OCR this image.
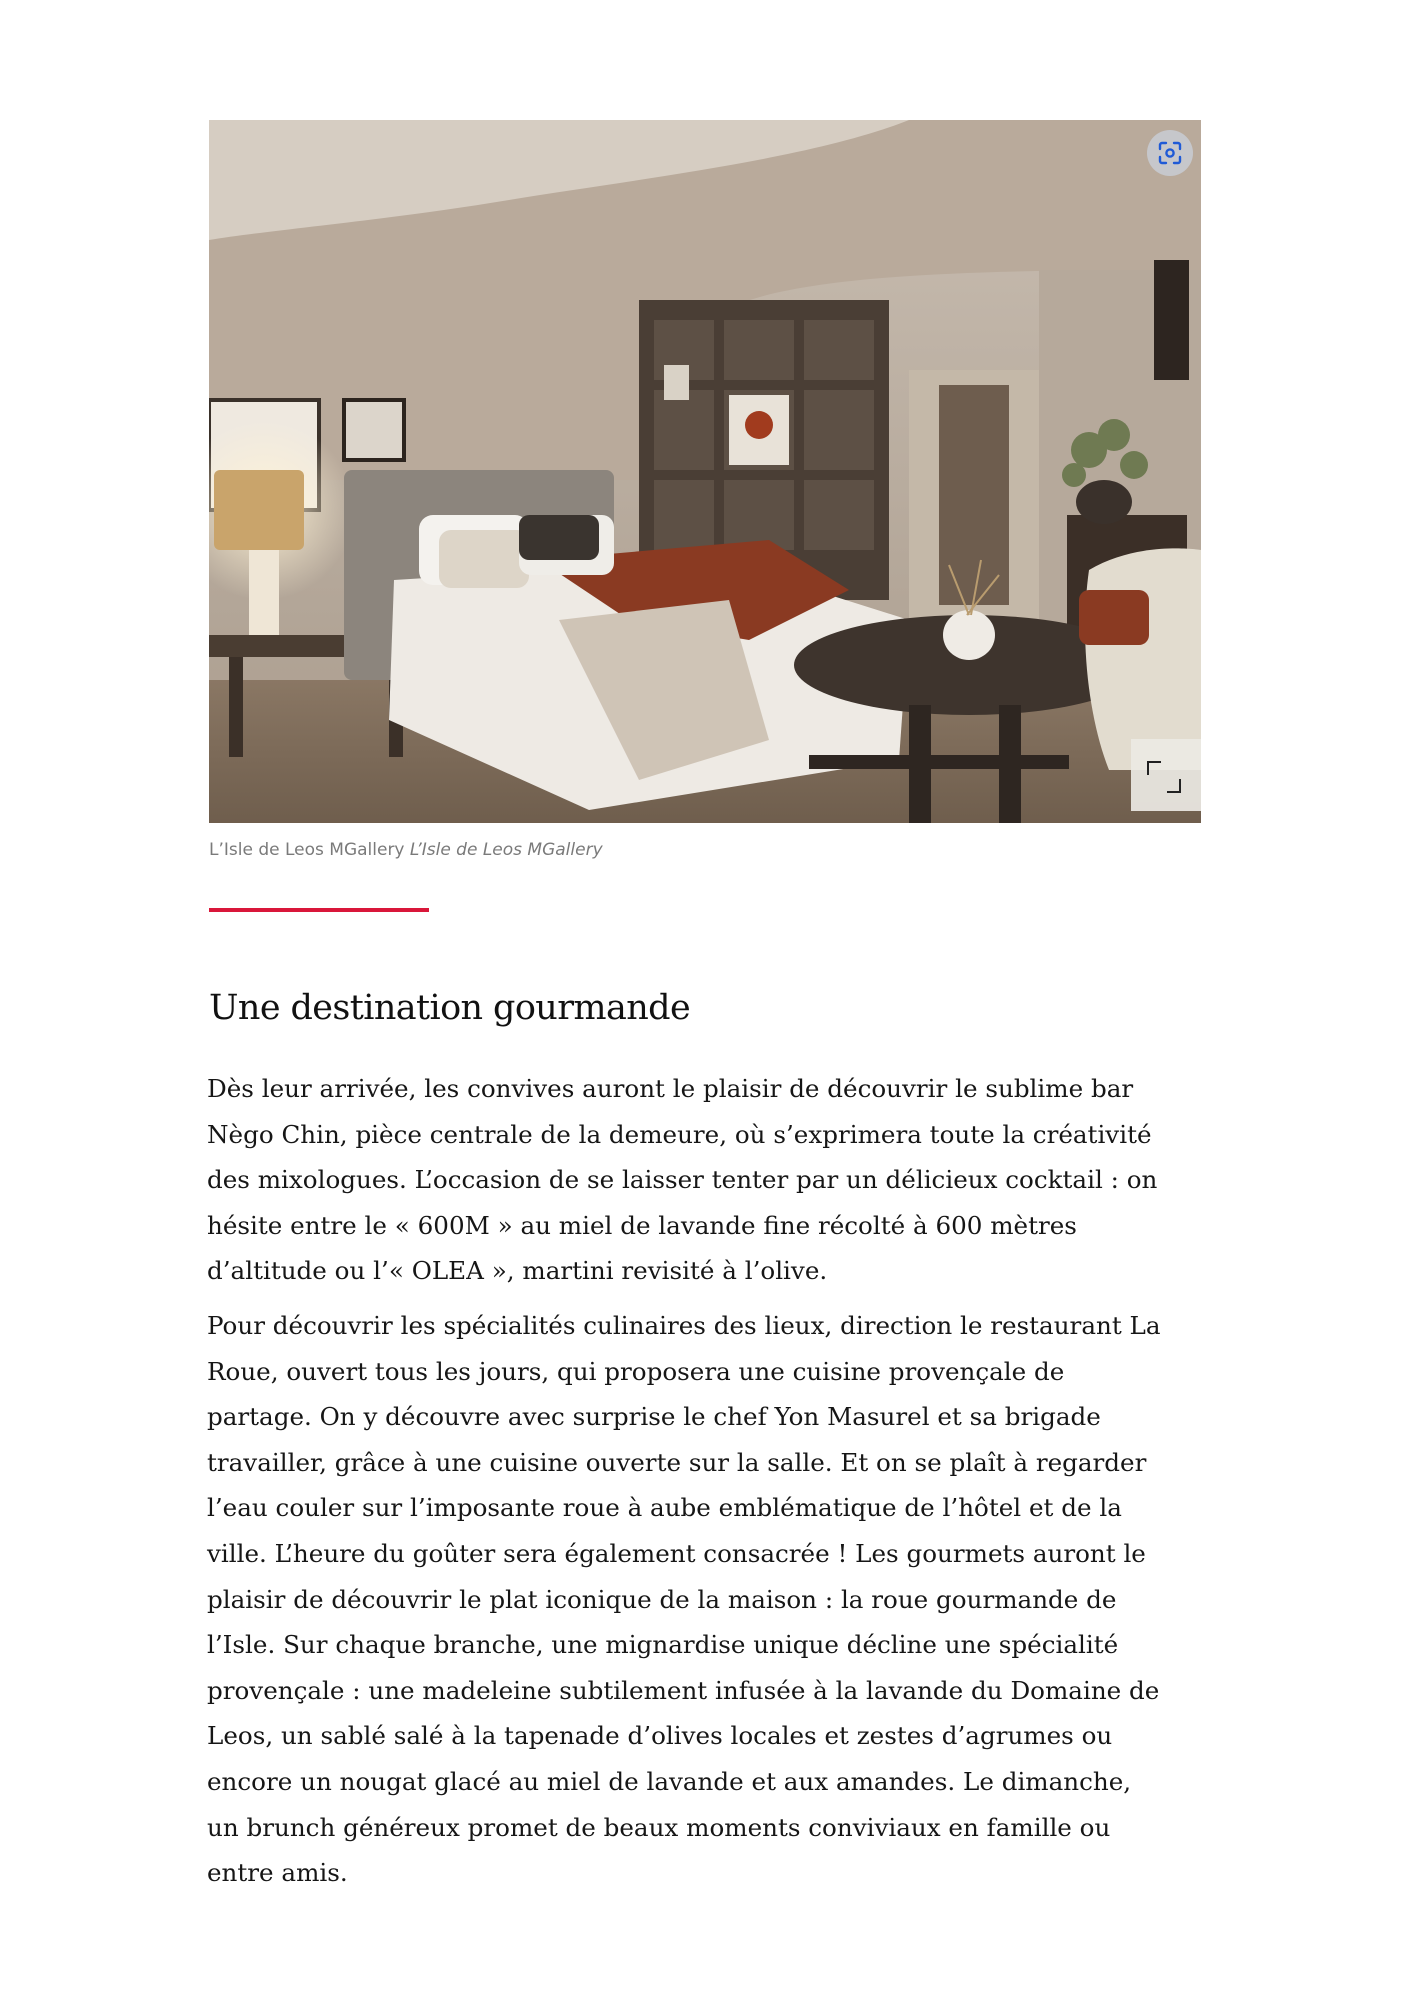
L’Isle de Leos MGallery L’Isle de Leos MGallery
Une destination gourmande

Dès leur arrivée, les convives auront le plaisir de découvrir le sublime bar
Nègo Chin, pièce centrale de la demeure, où s’exprimera toute la créativité
des mixologues. L’occasion de se laisser tenter par un délicieux cocktail : on
hésite entre le « 600M » au miel de lavande fine récolté à 600 mètres
d’altitude ou l’« OLEA », martini revisité à l’olive.

Pour découvrir les spécialités culinaires des lieux, direction le restaurant La
Roue, ouvert tous les jours, qui proposera une cuisine provençale de
partage. On y découvre avec surprise le chef Yon Masurel et sa brigade
travailler, grâce à une cuisine ouverte sur la salle. Et on se plaît à regarder
l’eau couler sur l’imposante roue à aube emblématique de l’hôtel et de la
ville. L’heure du goûter sera également consacrée ! Les gourmets auront le
plaisir de découvrir le plat iconique de la maison : la roue gourmande de
l’Isle. Sur chaque branche, une mignardise unique décline une spécialité
provençale : une madeleine subtilement infusée à la lavande du Domaine de
Leos, un sablé salé à la tapenade d’olives locales et zestes d’agrumes ou
encore un nougat glacé au miel de lavande et aux amandes. Le dimanche,
un brunch généreux promet de beaux moments conviviaux en famille ou
entre amis.
